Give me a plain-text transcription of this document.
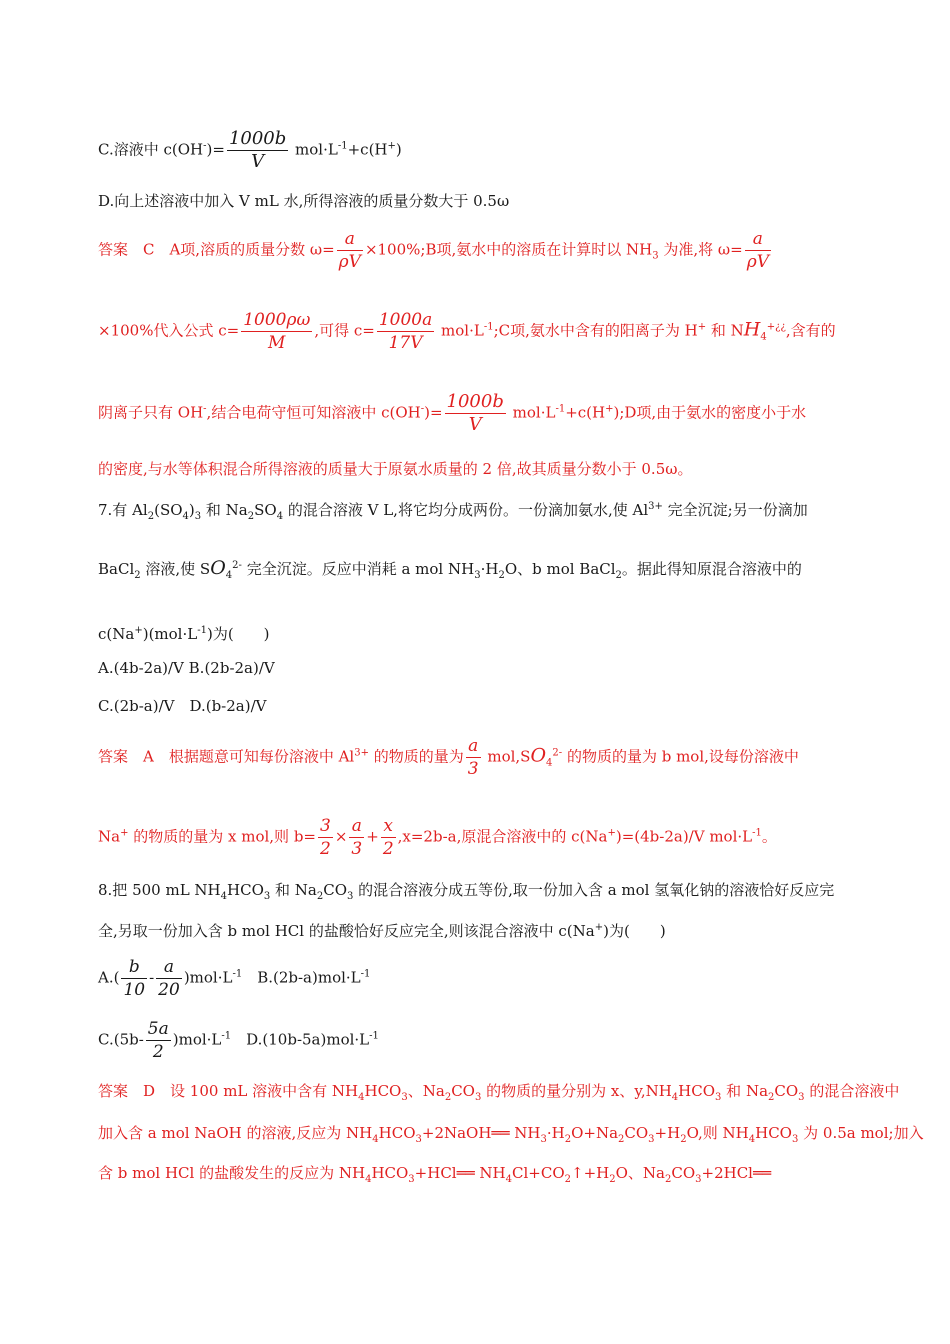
C.溶液中 $c(OH^-)= \frac{1000b}{V} mol\cdot L^{-1}+c(H^+)$
D.向上述溶液中加入 V mL 水,所得溶液的质量分数大于 0.5ω
答案　C　A项,溶质的质量分数 $\omega= \frac{a}{\rho V}$ ×100%;B项,氨水中的溶质在计算时以 $NH_3$ 为准,将 $\omega= \frac{a}{\rho V}$
×100%代入公式 $c= \frac{1000\rho\omega}{M}$ ,可得 $c= \frac{1000a}{17V}$ $mol\cdot L^{-1};C$项,氨水中含有的阳离子为 H+ 和 $NH_4^{+¿¿}$,含有的
阴离子只有 OH-,结合电荷守恒可知溶液中 $c(OH^-)= \frac{1000b}{V}$ $mol\cdot L^{-1}+c(H^+);D$项,由于氨水的密度小于水
的密度,与水等体积混合所得溶液的质量大于原氨水质量的 2 倍,故其质量分数小于 0.5ω。
7.有 $Al_2(SO_4)_3$ 和 $Na_2SO_4$ 的混合溶液 V L,将它均分成两份。一份滴加氨水,使 $Al^{3+}$ 完全沉淀;另一份滴加
BaCl$_2$ 溶液,使 $SO_4^{2-}$ 完全沉淀。反应中消耗 a mol $NH_3\cdot H_2O$、b mol BaCl$_2$。据此得知原混合溶液中的
$c(Na^+)(mol\cdot L^{-1})$为(　　)
A.(4b-2a)/V B.(2b-2a)/V
C.(2b-a)/V　D.(b-2a)/V
答案　A　根据题意可知每份溶液中 $Al^{3+}$ 的物质的量为 $\frac{a}{3} mol,SO_4^{2-}$ 的物质的量为 b mol,设每份溶液中
Na+ 的物质的量为 x mol,则 $b= \frac{3}{2} \times \frac{a}{3} + \frac{x}{2} ,x=2b-a$,原混合溶液中的 c(Na+)=(4b-2a)/V $mol\cdot L^{-1}$。
8.把 500 mL $NH_4HCO_3$ 和 $Na_2CO_3$ 的混合溶液分成五等份,取一份加入含 a mol 氢氧化钠的溶液恰好反应完
全,另取一份加入含 b mol HCl 的盐酸恰好反应完全,则该混合溶液中 c(Na+)为(　　)
$A.( \frac{b}{10} - \frac{a}{20} )mol\cdot L^{-1}$　$B.(2b-a)mol\cdot L^{-1}$
$C.(5b- \frac{5a}{2} )mol\cdot L^{-1}$　$D.(10b-5a)mol\cdot L^{-1}$
答案　D　设 100 mL 溶液中含有 $NH_4HCO_3$、$Na_2CO_3$ 的物质的量分别为 x、$y,NH_4HCO_3$ 和 $Na_2CO_3$ 的混合溶液中
加入含 a mol NaOH 的溶液,反应为 $NH_4HCO_3+2NaOH══$ $NH_3\cdot H_2O+Na_2CO_3+H_2O$,则 $NH_4HCO_3$ 为 0.5a mol;加入
含 b mol HCl 的盐酸发生的反应为 $NH_4HCO_3+HCl══$ $NH_4Cl+CO_2↑+H_2O$、$Na_2CO_3+2HCl══$
